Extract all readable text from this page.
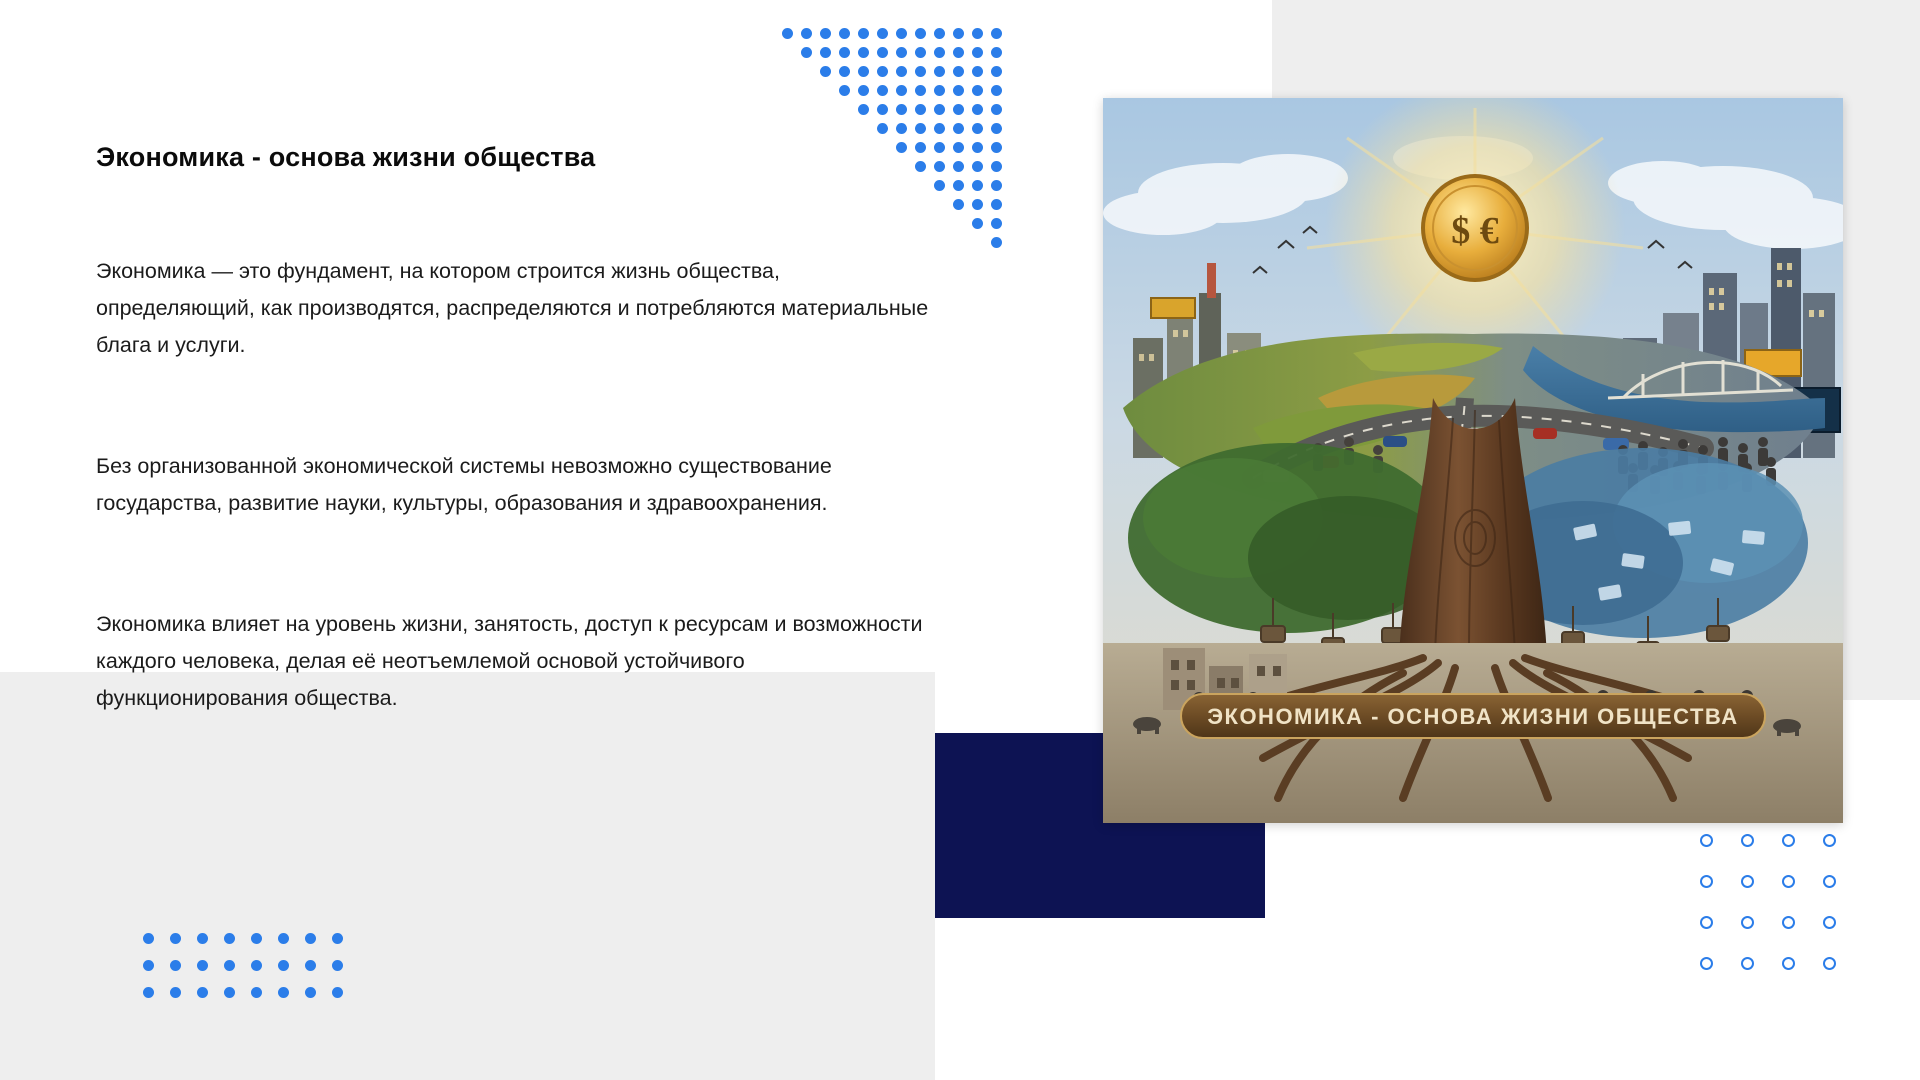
Экономика - основа жизни общества

Экономика — это фундамент, на котором строится жизнь общества, определяющий, как производятся, распределяются и потребляются материальные блага и услуги.

Без организованной экономической системы невозможно существование государства, развитие науки, культуры, образования и здравоохранения.

Экономика влияет на уровень жизни, занятость, доступ к ресурсам и возможности каждого человека, делая её неотъемлемой основой устойчивого функционирования общества.

$ €
ЭКОНОМИКА - ОСНОВА ЖИЗНИ ОБЩЕСТВА
